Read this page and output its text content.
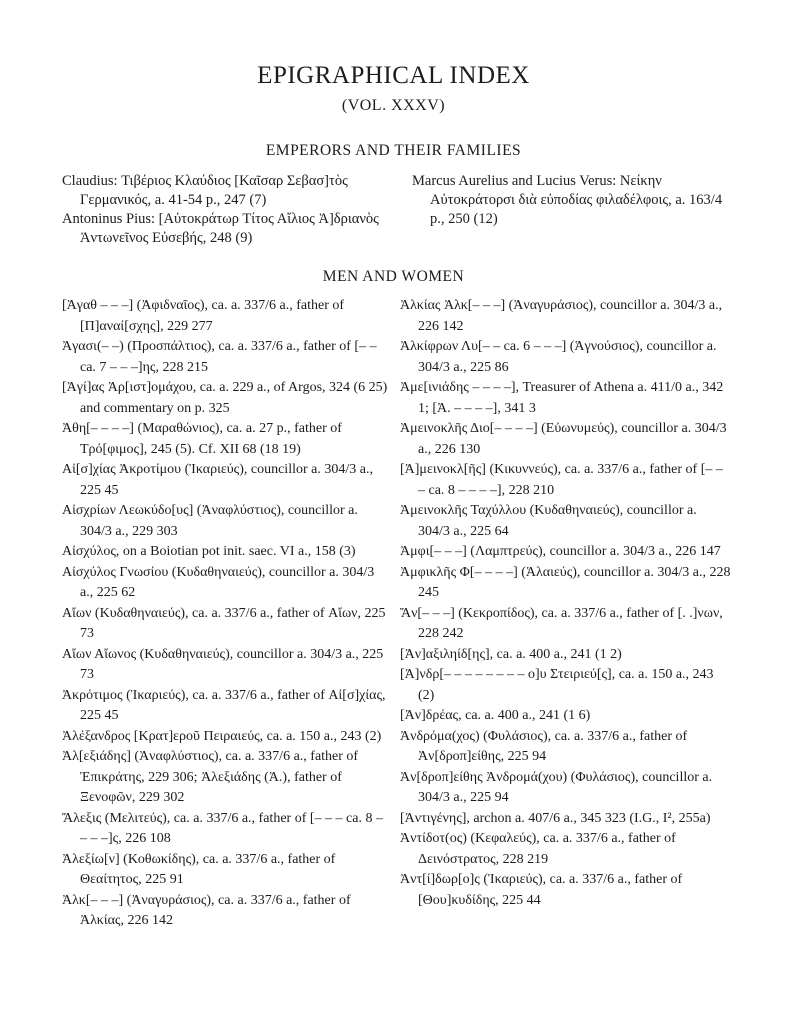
EPIGRAPHICAL INDEX
(VOL. XXXV)
EMPERORS AND THEIR FAMILIES

Claudius: Τιβέριος Κλαύδιος [Καῖσαρ Σεβασ]τὸς Γερμανικός, a. 41-54 p., 247 (7)

Antoninus Pius: [Αὐτοκράτωρ Τίτος Αἴλιος Ἁ]δριανὸς Ἀντωνεῖνος Εὐσεβής, 248 (9)

Marcus Aurelius and Lucius Verus: Νείκην Αὐτοκράτορσι διὰ εὐποδίας φιλαδέλφοις, a. 163/4 p., 250 (12)

MEN AND WOMEN

[Ἀγαθ – – –] (Ἀφιδναῖος), ca. a. 337/6 a., father of [Π]αναί[σχης], 229 277

Ἀγασι(– –) (Προσπάλτιος), ca. a. 337/6 a., father of [– – ca. 7 – – –]ης, 228 215

[Ἀγί]ας Ἀρ[ιστ]ομάχου, ca. a. 229 a., of Argos, 324 (6 25) and commentary on p. 325

Ἀθη[– – – –] (Μαραθώνιος), ca. a. 27 p., father of Τρό[φιμος], 245 (5). Cf. XII 68 (18 19)

Αἰ[σ]χίας Ἀκροτίμου (Ἰκαριεύς), councillor a. 304/3 a., 225 45

Αἰσχρίων Λεωκύδο[υς] (Ἀναφλύστιος), councillor a. 304/3 a., 229 303

Αἰσχύλος, on a Boiotian pot init. saec. VI a., 158 (3)

Αἰσχύλος Γνωσίου (Κυδαθηναιεύς), councillor a. 304/3 a., 225 62

Αἴων (Κυδαθηναιεύς), ca. a. 337/6 a., father of Αἴων, 225 73

Αἴων Αἴωνος (Κυδαθηναιεύς), councillor a. 304/3 a., 225 73

Ἀκρότιμος (Ἰκαριεύς), ca. a. 337/6 a., father of Αἰ[σ]χίας, 225 45

Ἀλέξανδρος [Κρατ]εροῦ Πειραιεύς, ca. a. 150 a., 243 (2)

Ἀλ[εξιάδης] (Ἀναφλύστιος), ca. a. 337/6 a., father of Ἐπικράτης, 229 306; Ἀλεξιάδης (Ἀ.), father of Ξενοφῶν, 229 302

Ἄλεξις (Μελιτεύς), ca. a. 337/6 a., father of [– – – ca. 8 – – – –]ς, 226 108

Ἀλεξίω[ν] (Κοθωκίδης), ca. a. 337/6 a., father of Θεαίτητος, 225 91

Ἀλκ[– – –] (Ἀναγυράσιος), ca. a. 337/6 a., father of Ἀλκίας, 226 142

Ἀλκίας Ἀλκ[– – –] (Ἀναγυράσιος), councillor a. 304/3 a., 226 142

Ἀλκίφρων Λυ[– – ca. 6 – – –] (Ἁγνούσιος), councillor a. 304/3 a., 225 86

Ἀμε[ινιάδης – – – –], Treasurer of Athena a. 411/0 a., 342 1; [Ἀ. – – – –], 341 3

Ἀμεινοκλῆς Διο[– – – –] (Εὐωνυμεύς), councillor a. 304/3 a., 226 130

[Ἀ]μεινοκλ[ῆς] (Κικυννεύς), ca. a. 337/6 a., father of [– – – ca. 8 – – – –], 228 210

Ἀμεινοκλῆς Ταχύλλου (Κυδαθηναιεύς), councillor a. 304/3 a., 225 64

Ἀμφι[– – –] (Λαμπτρεύς), councillor a. 304/3 a., 226 147

Ἀμφικλῆς Φ[– – – –] (Ἁλαιεύς), councillor a. 304/3 a., 228 245

Ἄν[– – –] (Κεκροπίδος), ca. a. 337/6 a., father of [. .]νων, 228 242

[Ἀν]αξιληίδ[ης], ca. a. 400 a., 241 (1 2)

[Ἀ]νδρ[– – – – – – – – ο]υ Στειριεύ[ς], ca. a. 150 a., 243 (2)

[Ἀν]δρέας, ca. a. 400 a., 241 (1 6)

Ἀνδρόμα(χος) (Φυλάσιος), ca. a. 337/6 a., father of Ἀν[δροπ]είθης, 225 94

Ἀν[δροπ]είθης Ἀνδρομά(χου) (Φυλάσιος), councillor a. 304/3 a., 225 94

[Ἀντιγένης], archon a. 407/6 a., 345 323 (I.G., I², 255a)

Ἀντίδοτ(ος) (Κεφαλεύς), ca. a. 337/6 a., father of Δεινόστρατος, 228 219

Ἀντ[ί]δωρ[ο]ς (Ἰκαριεύς), ca. a. 337/6 a., father of [Θου]κυδίδης, 225 44
